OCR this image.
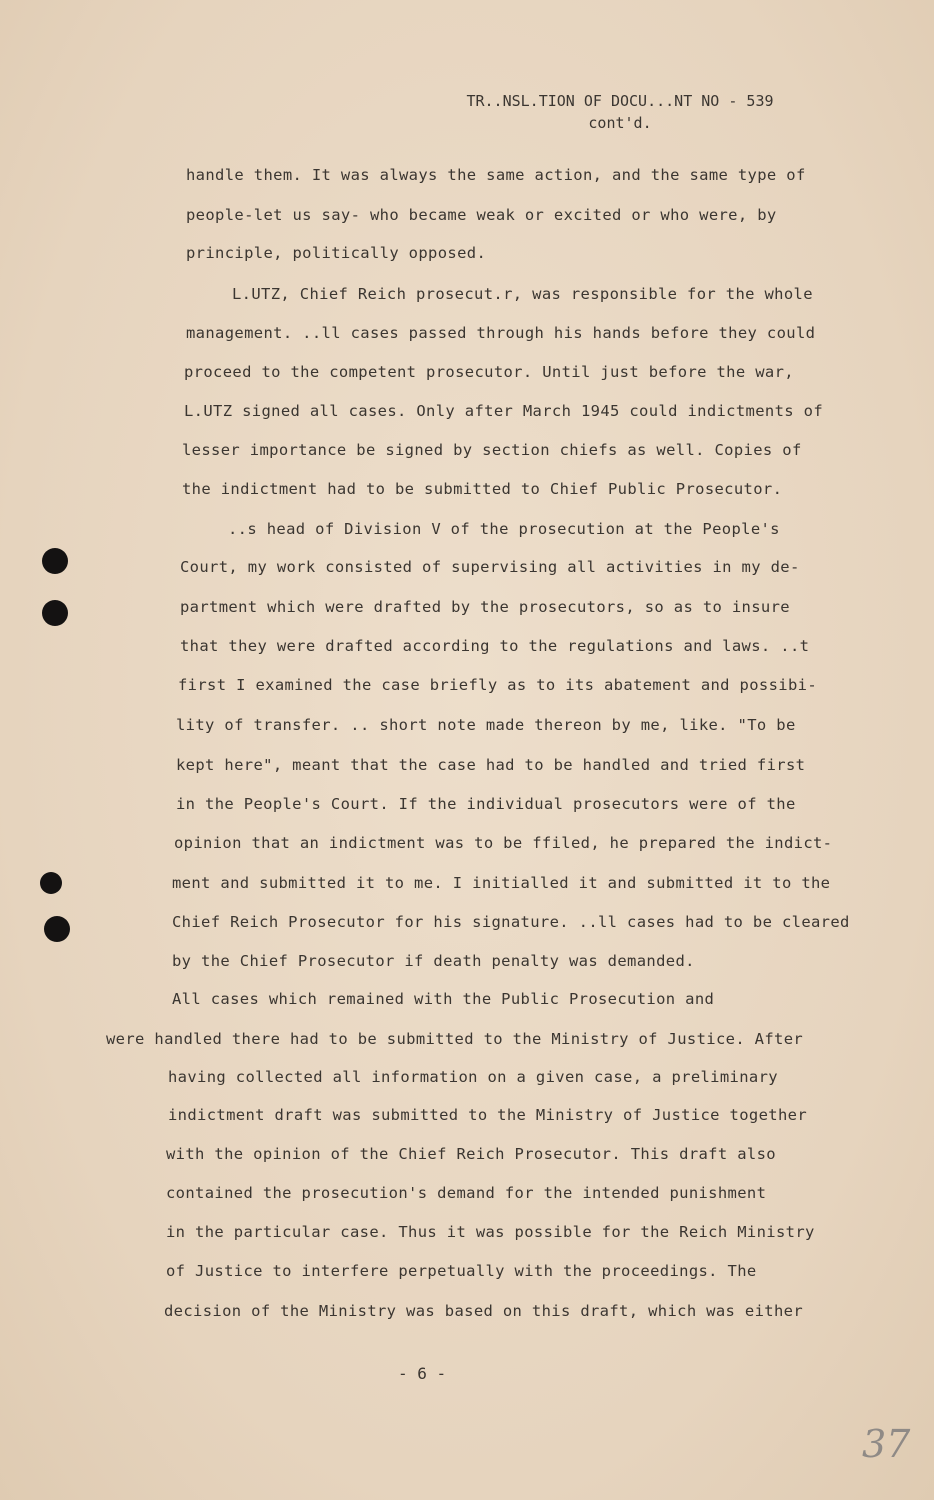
TR..NSL.TION OF DOCU...NT NO - 539
cont'd.
handle them. It was always the same action, and the same type of
people-let us say- who became weak or excited or who were, by
principle, politically opposed.
L.UTZ, Chief Reich prosecut.r, was responsible for the whole
management. ..ll cases passed through his hands before they could
proceed to the competent prosecutor. Until just before the war,
L.UTZ signed all cases. Only after March 1945 could indictments of
lesser importance be signed by section chiefs as well. Copies of
the indictment had to be submitted to Chief Public Prosecutor.
..s head of Division V of the prosecution at the People's
Court, my work consisted of supervising all activities in my de-
partment which were drafted by the prosecutors, so as to insure
that they were drafted according to the regulations and laws. ..t
first I examined the case briefly as to its abatement and possibi-
lity of transfer. .. short note made thereon by me, like. "To be
kept here", meant that the case had to be handled and tried first
in the People's Court. If the individual prosecutors were of the
opinion that an indictment was to be ffiled, he prepared the indict-
ment and submitted it to me. I initialled it and submitted it to the
Chief Reich Prosecutor for his signature. ..ll cases had to be cleared
by the Chief Prosecutor if death penalty was demanded.
All cases which remained with the Public Prosecution and
were handled there had to be submitted to the Ministry of Justice. After
having collected all information on a given case, a preliminary
indictment draft was submitted to the Ministry of Justice together
with the opinion of the Chief Reich Prosecutor. This draft also
contained the prosecution's demand for the intended punishment
in the particular case. Thus it was possible for the Reich Ministry
of Justice to interfere perpetually with the proceedings. The
decision of the Ministry was based on this draft, which was either
- 6 -
37
